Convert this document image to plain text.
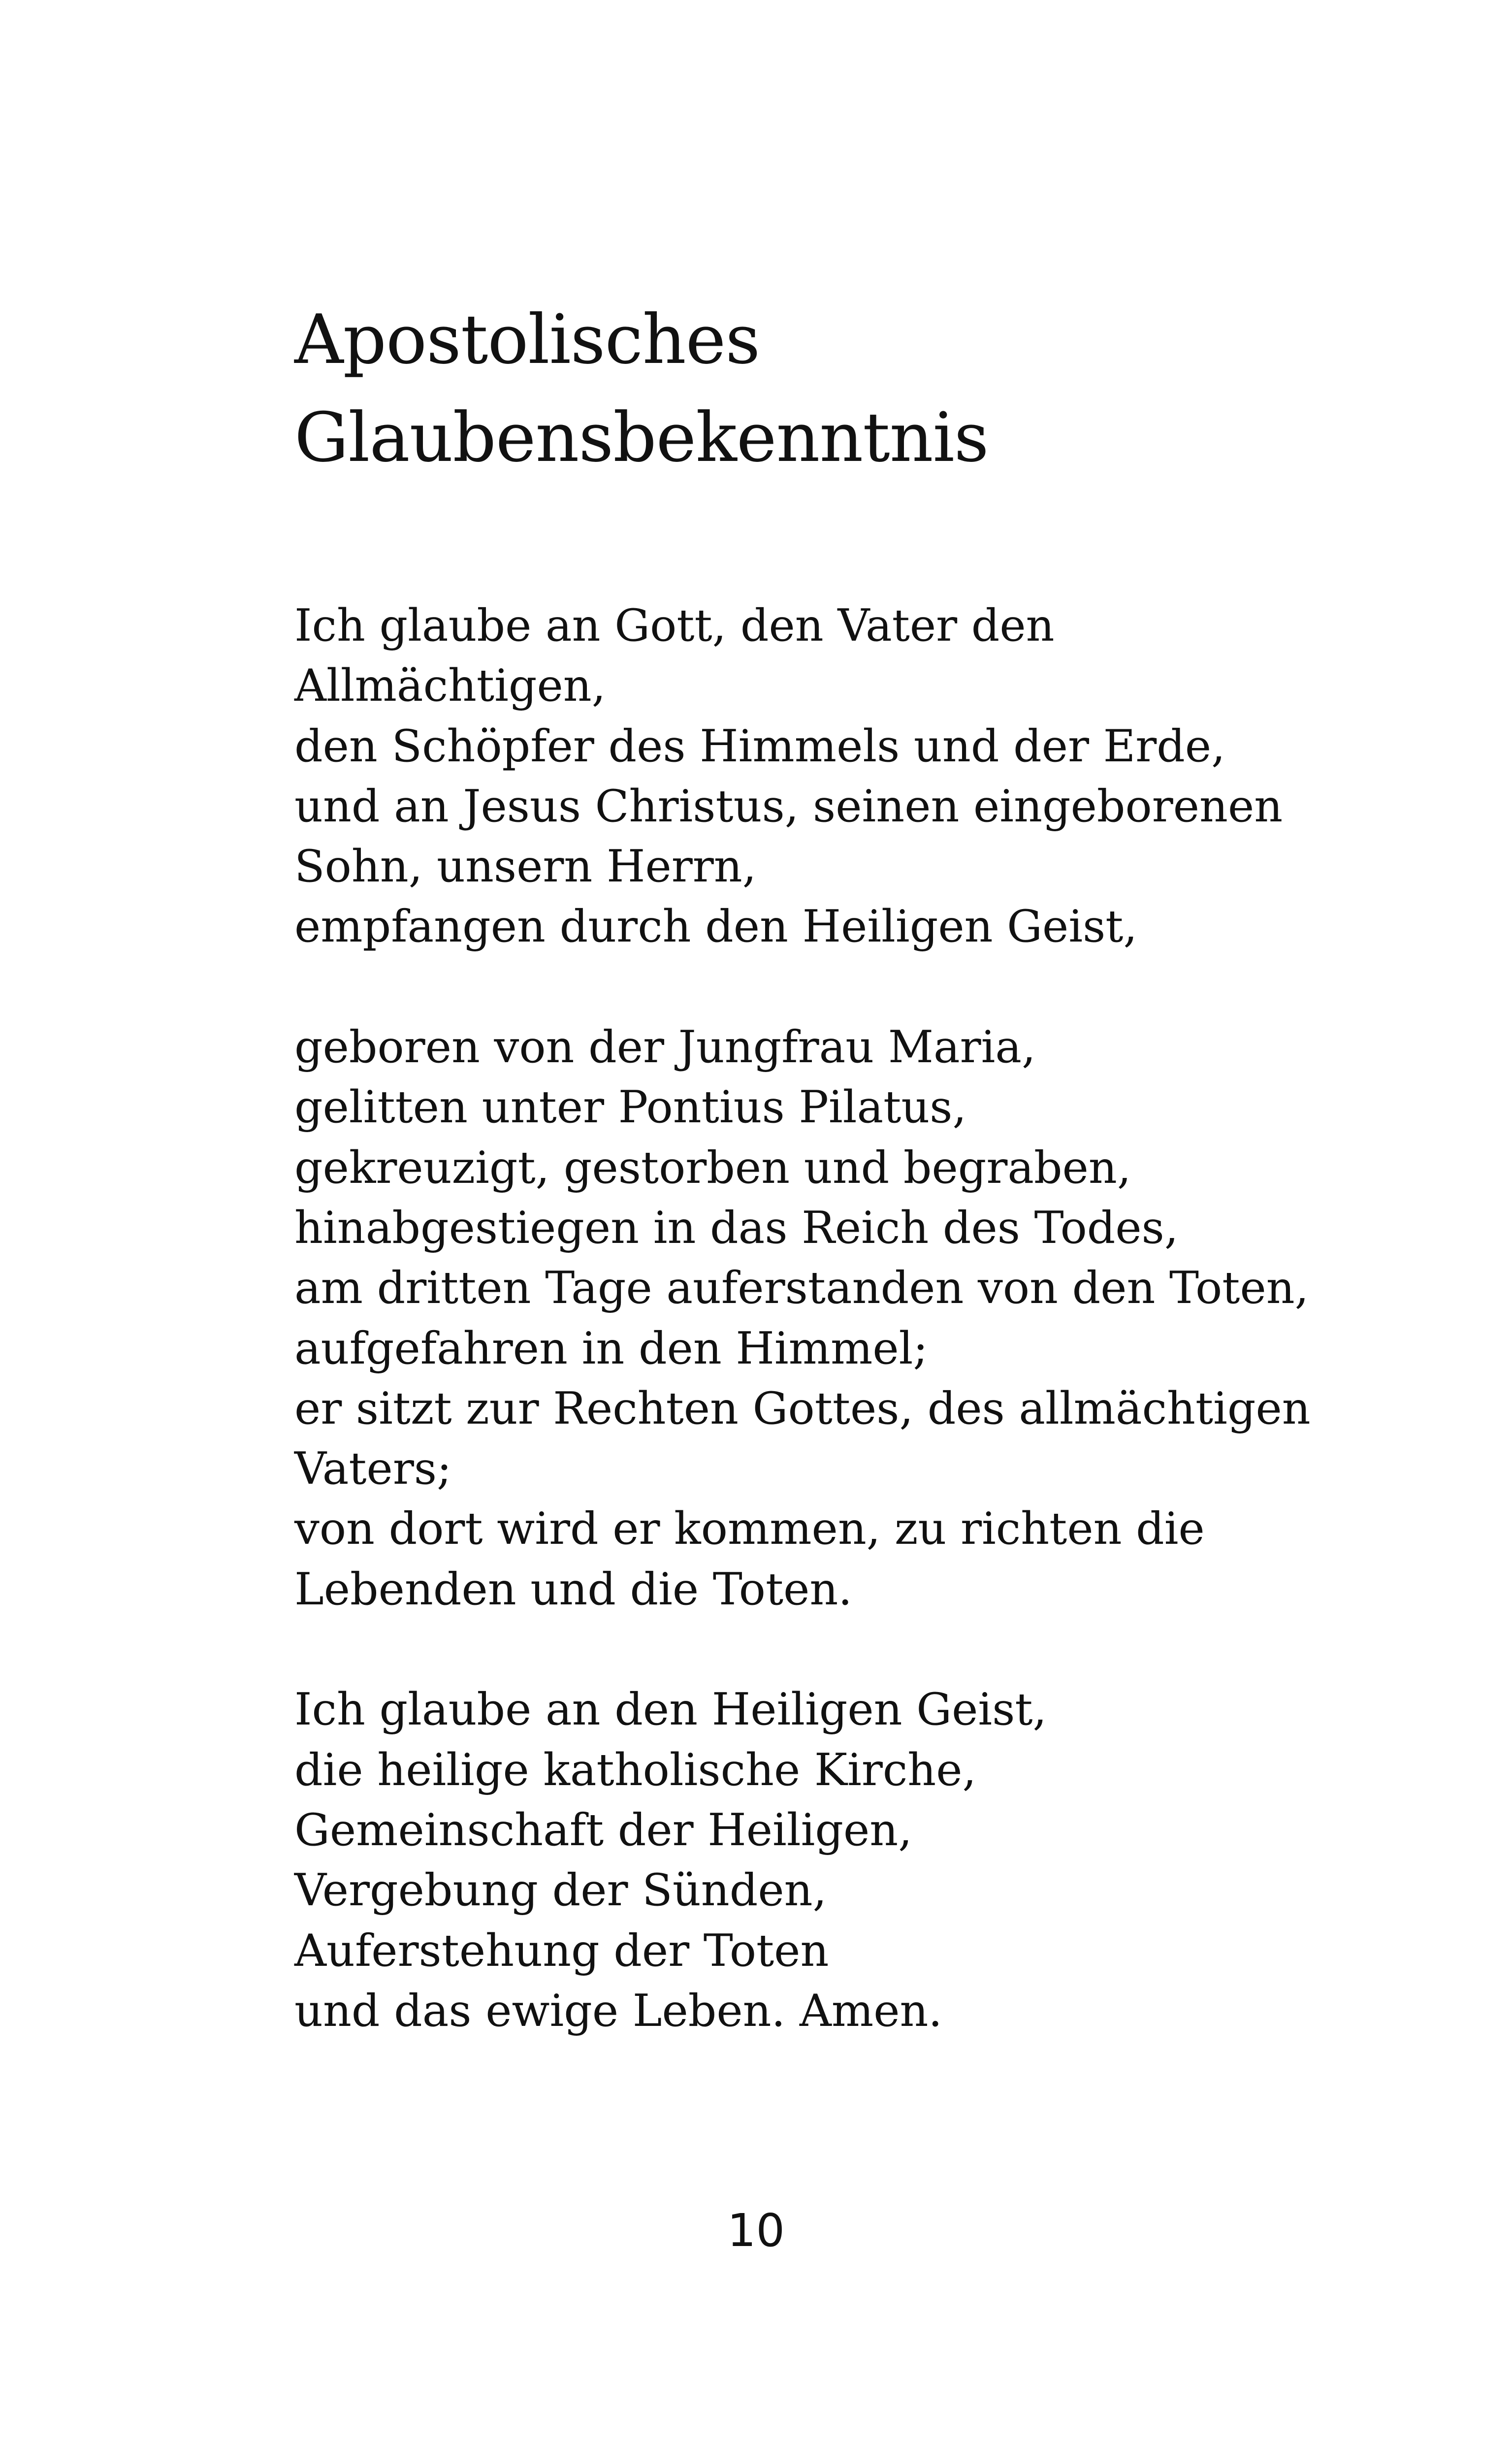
Apostolisches
Glaubensbekenntnis

Ich glaube an Gott, den Vater den
Allmächtigen,
den Schöpfer des Himmels und der Erde,
und an Jesus Christus, seinen eingeborenen
Sohn, unsern Herrn,
empfangen durch den Heiligen Geist,

geboren von der Jungfrau Maria,
gelitten unter Pontius Pilatus,
gekreuzigt, gestorben und begraben,
hinabgestiegen in das Reich des Todes,
am dritten Tage auferstanden von den Toten,
aufgefahren in den Himmel;
er sitzt zur Rechten Gottes, des allmächtigen
Vaters;
von dort wird er kommen, zu richten die
Lebenden und die Toten.

Ich glaube an den Heiligen Geist,
die heilige katholische Kirche,
Gemeinschaft der Heiligen,
Vergebung der Sünden,
Auferstehung der Toten
und das ewige Leben. Amen.

10
